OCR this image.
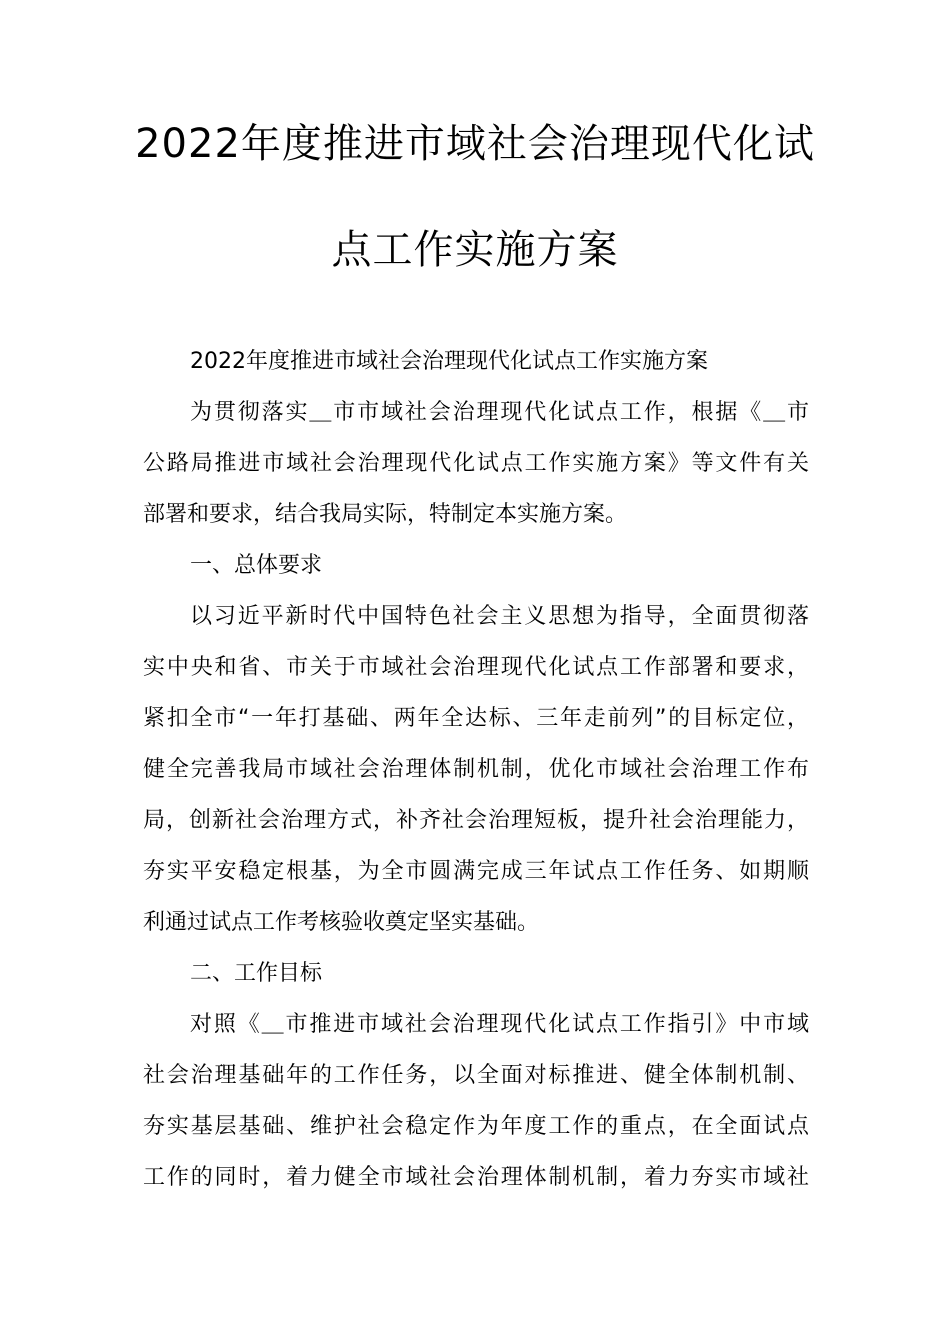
2022年度推进市域社会治理现代化试
点工作实施方案
2022年度推进市域社会治理现代化试点工作实施方案
为贯彻落实＿市市域社会治理现代化试点工作，根据《＿市
公路局推进市域社会治理现代化试点工作实施方案》等文件有关
部署和要求，结合我局实际，特制定本实施方案。
一、总体要求
以习近平新时代中国特色社会主义思想为指导，全面贯彻落
实中央和省、市关于市域社会治理现代化试点工作部署和要求，
紧扣全市“一年打基础、两年全达标、三年走前列”的目标定位，
健全完善我局市域社会治理体制机制，优化市域社会治理工作布
局，创新社会治理方式，补齐社会治理短板，提升社会治理能力，
夯实平安稳定根基，为全市圆满完成三年试点工作任务、如期顺
利通过试点工作考核验收奠定坚实基础。
二、工作目标
对照《＿市推进市域社会治理现代化试点工作指引》中市域
社会治理基础年的工作任务，以全面对标推进、健全体制机制、
夯实基层基础、维护社会稳定作为年度工作的重点，在全面试点
工作的同时，着力健全市域社会治理体制机制，着力夯实市域社
